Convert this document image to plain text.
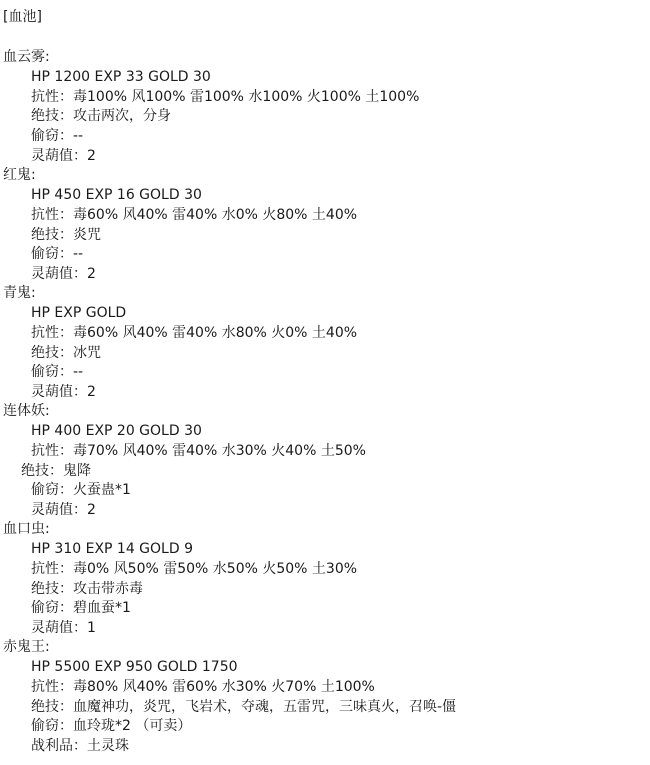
[血池]
血云雾:
HP 1200 EXP 33 GOLD 30
抗性：毒100% 风100% 雷100% 水100% 火100% 土100%
绝技：攻击两次，分身
偷窃：--
灵葫值：2
红鬼:
HP 450 EXP 16 GOLD 30
抗性：毒60% 风40% 雷40% 水0% 火80% 土40%
绝技：炎咒
偷窃：--
灵葫值：2
青鬼:
HP EXP GOLD
抗性：毒60% 风40% 雷40% 水80% 火0% 土40%
绝技：冰咒
偷窃：--
灵葫值：2
连体妖:
HP 400 EXP 20 GOLD 30
抗性：毒70% 风40% 雷40% 水30% 火40% 土50%
绝技：鬼降
偷窃：火蚕蛊*1
灵葫值：2
血口虫:
HP 310 EXP 14 GOLD 9
抗性：毒0% 风50% 雷50% 水50% 火50% 土30%
绝技：攻击带赤毒
偷窃：碧血蚕*1
灵葫值：1
赤鬼王:
HP 5500 EXP 950 GOLD 1750
抗性：毒80% 风40% 雷60% 水30% 火70% 土100%
绝技：血魔神功，炎咒，飞岩术，夺魂，五雷咒，三味真火，召唤-僵
偷窃：血玲珑*2 （可卖）
战利品：土灵珠
